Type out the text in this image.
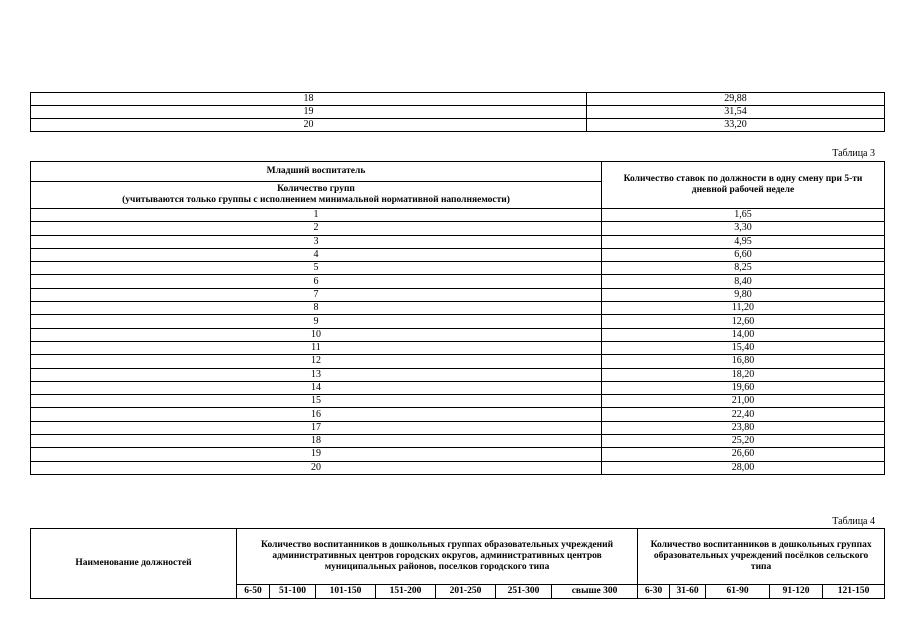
18	29,88
19	31,54
20	33,20
Таблица 3
Младший воспитатель	Количество ставок по должности в одну смену при 5-ти дневной рабочей неделе

Количество групп
(учитываются только группы с исполнением минимальной нормативной наполняемости)	

1	1,65
2	3,30
3	4,95
4	6,60
5	8,25
6	8,40
7	9,80
8	11,20
9	12,60
10	14,00
11	15,40
12	16,80
13	18,20
14	19,60
15	21,00
16	22,40
17	23,80
18	25,20
19	26,60
20	28,00
Таблица 4
Наименование должностей	Количество воспитанников в дошкольных группах образовательных учреждений административных центров городских округов, административных центров муниципальных районов, поселков городского типа							Количество воспитанников в дошкольных группах образовательных учреждений посёлков сельского типа				
	6-50	51-100	101-150	151-200	201-250	251-300	свыше 300	6-30	31-60	61-90	91-120	121-150
